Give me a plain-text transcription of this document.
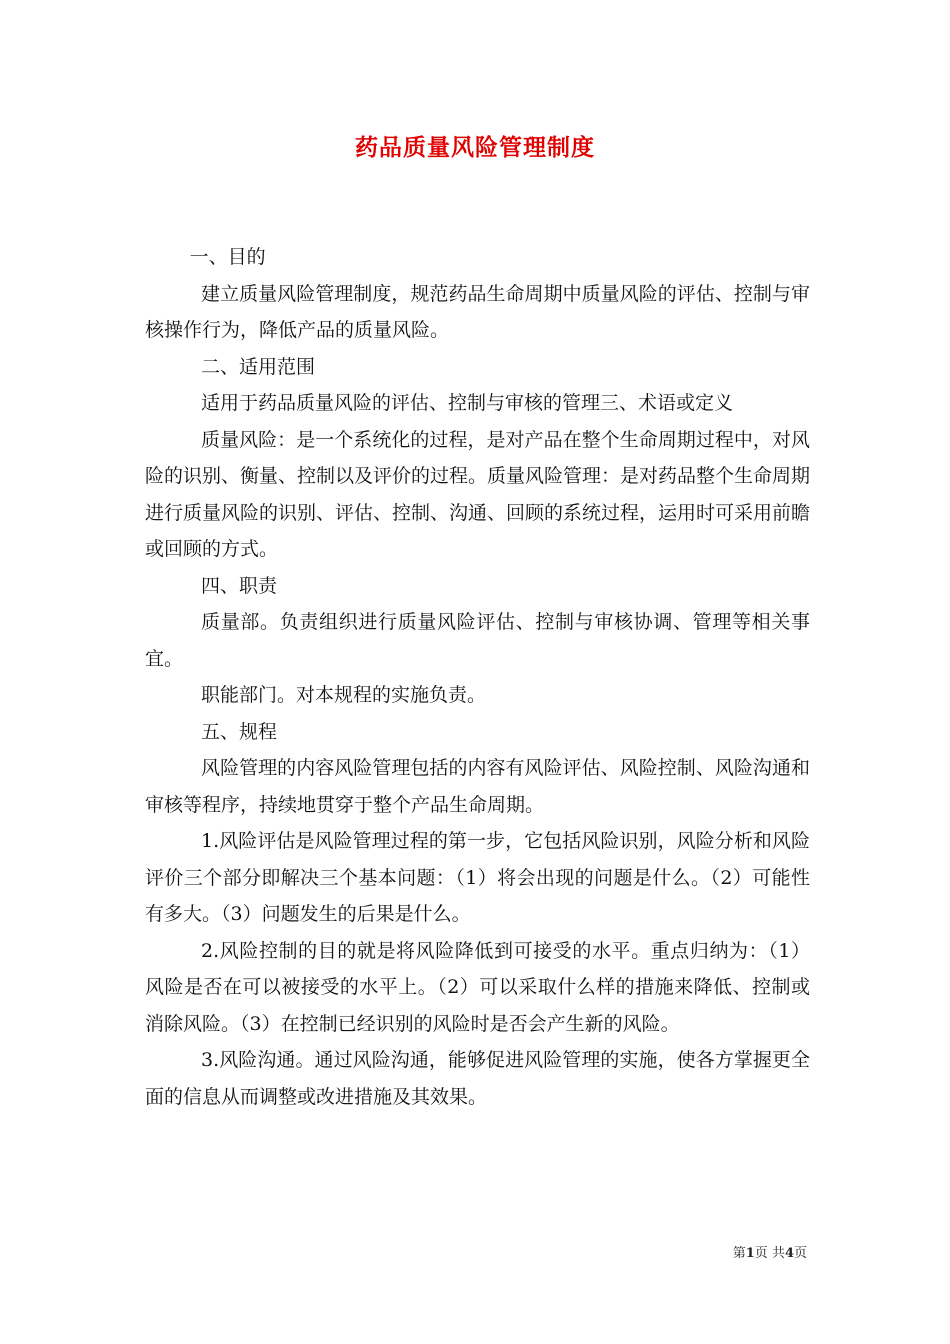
药品质量风险管理制度

一、目的

建立质量风险管理制度，规范药品生命周期中质量风险的评估、控制与审核操作行为，降低产品的质量风险。

二、适用范围

适用于药品质量风险的评估、控制与审核的管理三、术语或定义

质量风险：是一个系统化的过程，是对产品在整个生命周期过程中，对风险的识别、衡量、控制以及评价的过程。质量风险管理：是对药品整个生命周期进行质量风险的识别、评估、控制、沟通、回顾的系统过程，运用时可采用前瞻或回顾的方式。

四、职责

质量部。负责组织进行质量风险评估、控制与审核协调、管理等相关事宜。

职能部门。对本规程的实施负责。

五、规程

风险管理的内容风险管理包括的内容有风险评估、风险控制、风险沟通和审核等程序，持续地贯穿于整个产品生命周期。

1.风险评估是风险管理过程的第一步，它包括风险识别，风险分析和风险评价三个部分即解决三个基本问题：（1）将会出现的问题是什么。（2）可能性有多大。（3）问题发生的后果是什么。

2.风险控制的目的就是将风险降低到可接受的水平。重点归纳为：（1）风险是否在可以被接受的水平上。（2）可以采取什么样的措施来降低、控制或消除风险。（3）在控制已经识别的风险时是否会产生新的风险。

3.风险沟通。通过风险沟通，能够促进风险管理的实施，使各方掌握更全面的信息从而调整或改进措施及其效果。

第1页 共4页
